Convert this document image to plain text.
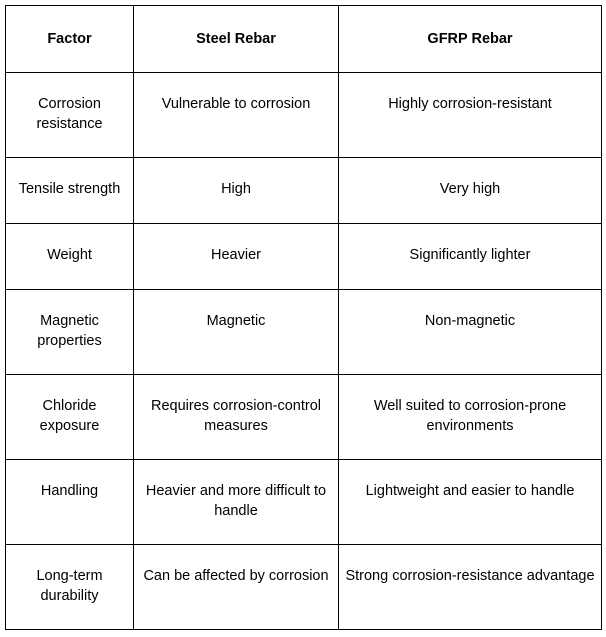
Factor	Steel Rebar	GFRP Rebar
Corrosion resistance	Vulnerable to corrosion	Highly corrosion-resistant
Tensile strength	High	Very high
Weight	Heavier	Significantly lighter
Magnetic properties	Magnetic	Non-magnetic
Chloride exposure	Requires corrosion-control measures	Well suited to corrosion-prone environments
Handling	Heavier and more difficult to handle	Lightweight and easier to handle
Long-term durability	Can be affected by corrosion	Strong corrosion-resistance advantage
